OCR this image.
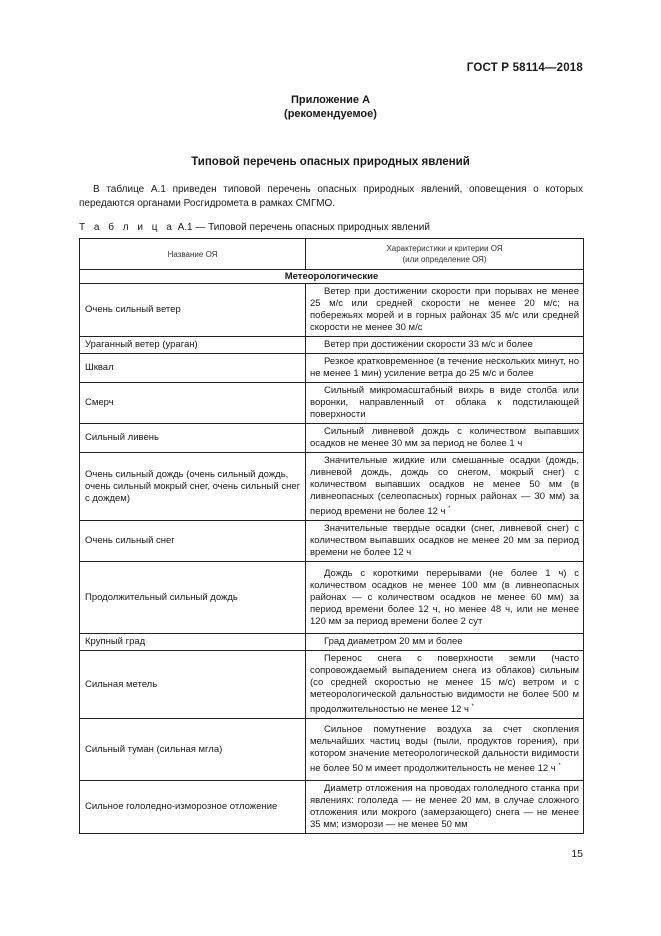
ГОСТ Р 58114—2018
Приложение А
(рекомендуемое)
Типовой перечень опасных природных явлений
В таблице А.1 приведен типовой перечень опасных природных явлений, оповещения о которых передаются органами Росгидромета в рамках СМГМО.
Т а б л и ц а А.1 — Типовой перечень опасных природных явлений
Название ОЯ	Характеристики и критерии ОЯ
(или определение ОЯ)

Метеорологические	
Очень сильный ветер	Ветер при достижении скорости при порывах не менее 25 м/с или средней скорости не менее 20 м/с; на побережьях морей и в горных районах 35 м/с или средней скорости не менее 30 м/с

Ураганный ветер (ураган)	Ветер при достижении скорости 33 м/с и более

Шквал	Резкое кратковременное (в течение нескольких минут, но не менее 1 мин) усиление ветра до 25 м/с и более

Смерч	Сильный микромасштабный вихрь в виде столба или воронки, направленный от облака к подстилающей поверхности

Сильный ливень	Сильный ливневой дождь с количеством выпавших осадков не менее 30 мм за период не более 1 ч

Очень сильный дождь (очень сильный дождь, очень сильный мокрый снег, очень сильный снег с дождем)	Значительные жидкие или смешанные осадки (дождь, ливневой дождь, дождь со снегом, мокрый снег) с количеством выпавших осадков не менее 50 мм (в ливнеопасных (селеопасных) горных районах — 30 мм) за период времени не более 12 ч *

Очень сильный снег	Значительные твердые осадки (снег, ливневой снег) с количеством выпавших осадков не менее 20 мм за период времени не более 12 ч

Продолжительный сильный дождь	Дождь с короткими перерывами (не более 1 ч) с количеством осадков не менее 100 мм (в ливнеопасных районах — с количеством осадков не менее 60 мм) за период времени более 12 ч, но менее 48 ч, или не менее 120 мм за период времени более 2 сут

Крупный град	Град диаметром 20 мм и более

Сильная метель	Перенос снега с поверхности земли (часто сопровождаемый выпадением снега из облаков) сильным (со средней скоростью не менее 15 м/с) ветром и с метеорологической дальностью видимости не более 500 м продолжительностью не менее 12 ч *

Сильный туман (сильная мгла)	Сильное помутнение воздуха за счет скопления мельчайших частиц воды (пыли, продуктов горения), при котором значение метеорологической дальности видимости не более 50 м имеет продолжительность не менее 12 ч *

Сильное гололедно-изморозное отложение	Диаметр отложения на проводах гололедного станка при явлениях: гололеда — не менее 20 мм, в случае сложного отложения или мокрого (замерзающего) снега — не менее 35 мм; изморози — не менее 50 мм
15
